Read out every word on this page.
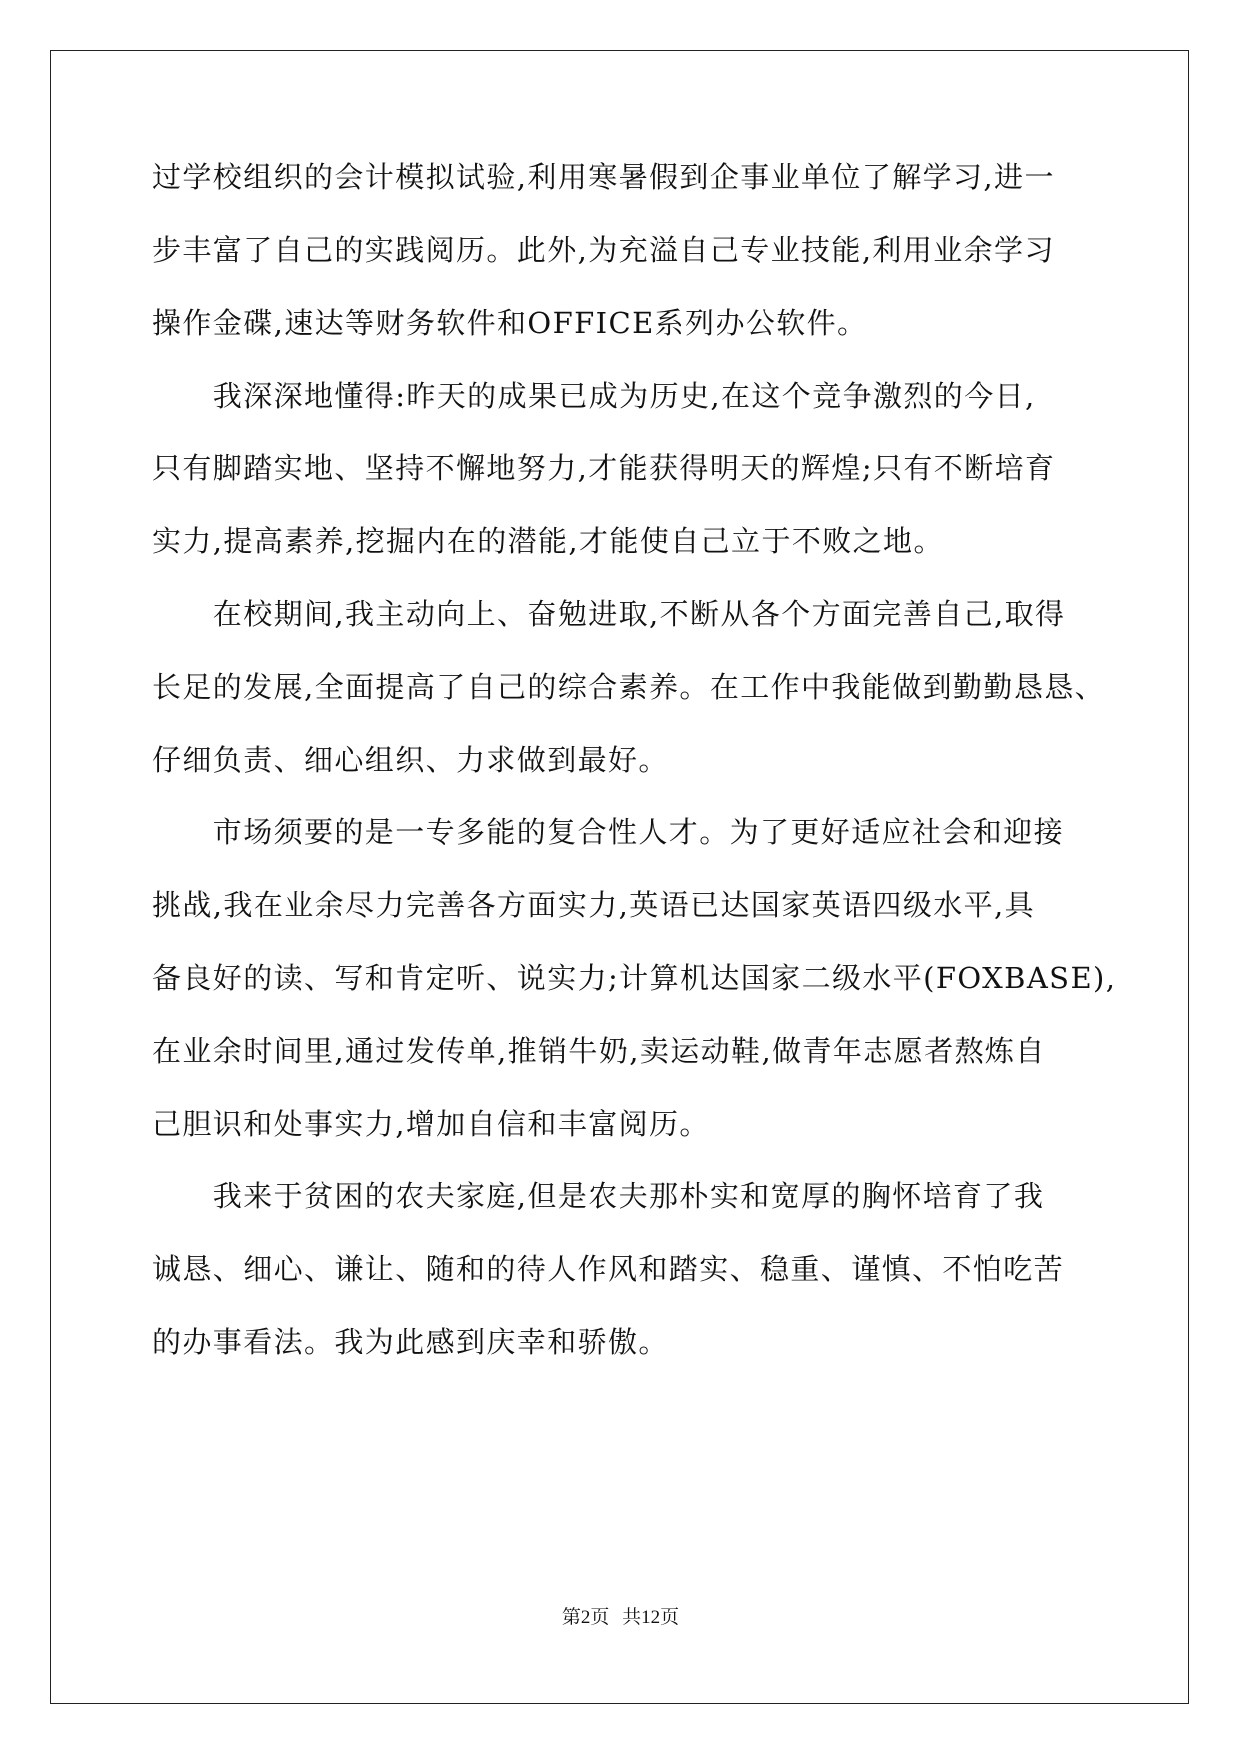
过学校组织的会计模拟试验,利用寒暑假到企事业单位了解学习,进一
步丰富了自己的实践阅历。此外,为充溢自己专业技能,利用业余学习
操作金碟,速达等财务软件和OFFICE系列办公软件。
　　我深深地懂得:昨天的成果已成为历史,在这个竞争激烈的今日,
只有脚踏实地、坚持不懈地努力,才能获得明天的辉煌;只有不断培育
实力,提高素养,挖掘内在的潜能,才能使自己立于不败之地。
　　在校期间,我主动向上、奋勉进取,不断从各个方面完善自己,取得
长足的发展,全面提高了自己的综合素养。在工作中我能做到勤勤恳恳、
仔细负责、细心组织、力求做到最好。
　　市场须要的是一专多能的复合性人才。为了更好适应社会和迎接
挑战,我在业余尽力完善各方面实力,英语已达国家英语四级水平,具
备良好的读、写和肯定听、说实力;计算机达国家二级水平(FOXBASE),
在业余时间里,通过发传单,推销牛奶,卖运动鞋,做青年志愿者熬炼自
己胆识和处事实力,增加自信和丰富阅历。
　　我来于贫困的农夫家庭,但是农夫那朴实和宽厚的胸怀培育了我
诚恳、细心、谦让、随和的待人作风和踏实、稳重、谨慎、不怕吃苦
的办事看法。我为此感到庆幸和骄傲。
第2页 共12页
